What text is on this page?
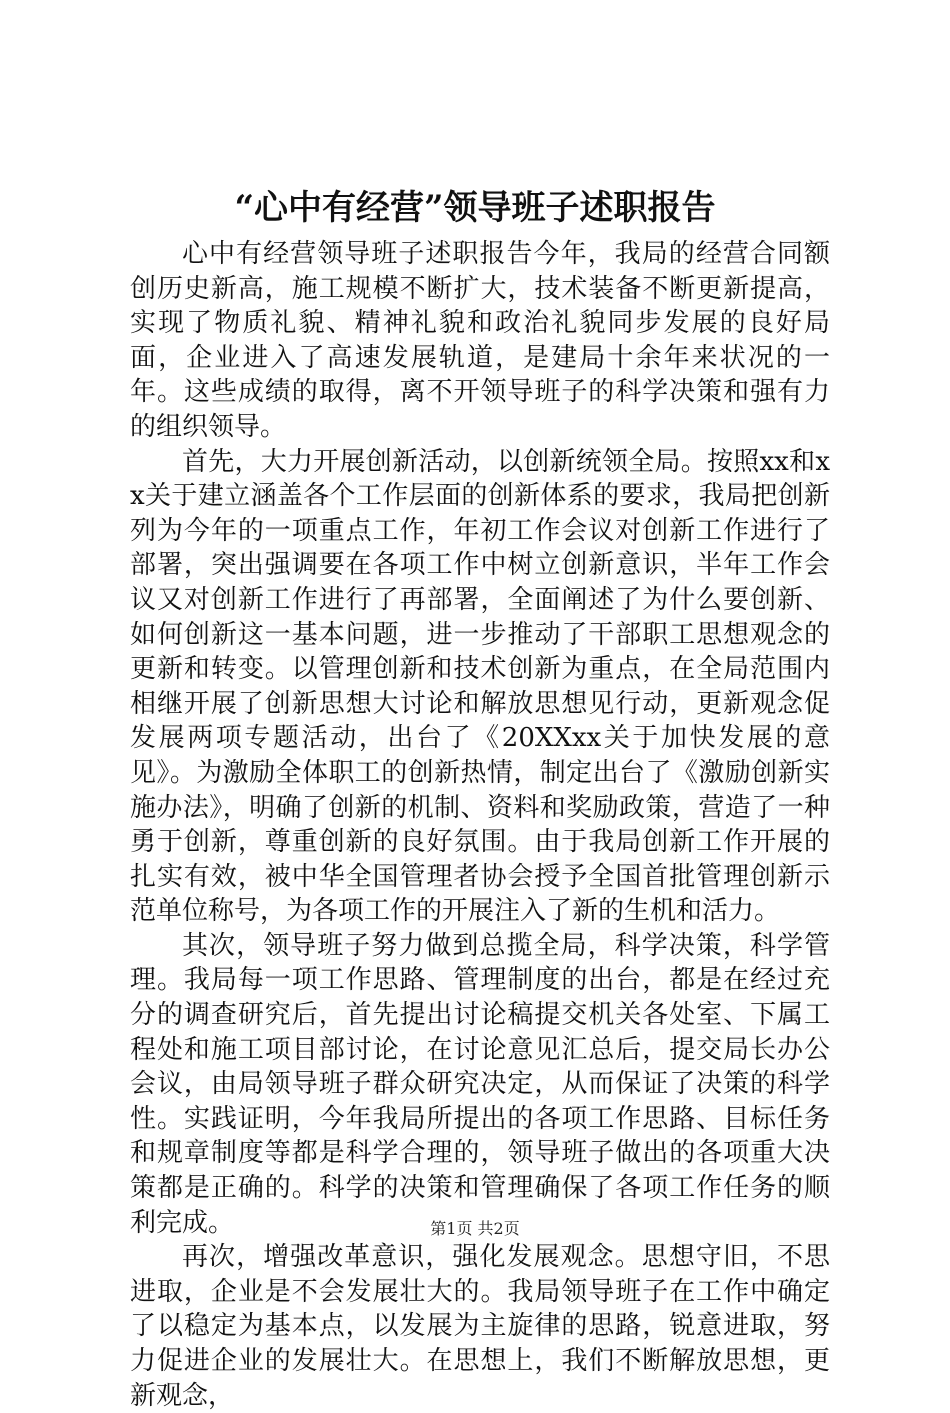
“心中有经营”领导班子述职报告

心中有经营领导班子述职报告今年，我局的经营合同额创历史新高，施工规模不断扩大，技术装备不断更新提高，实现了物质礼貌、精神礼貌和政治礼貌同步发展的良好局面，企业进入了高速发展轨道，是建局十余年来状况的一年。这些成绩的取得，离不开领导班子的科学决策和强有力的组织领导。

首先，大力开展创新活动，以创新统领全局。按照xx和xx关于建立涵盖各个工作层面的创新体系的要求，我局把创新列为今年的一项重点工作，年初工作会议对创新工作进行了部署，突出强调要在各项工作中树立创新意识，半年工作会议又对创新工作进行了再部署，全面阐述了为什么要创新、如何创新这一基本问题，进一步推动了干部职工思想观念的更新和转变。以管理创新和技术创新为重点，在全局范围内相继开展了创新思想大讨论和解放思想见行动，更新观念促发展两项专题活动，出台了《20XXxx关于加快发展的意见》。为激励全体职工的创新热情，制定出台了《激励创新实施办法》，明确了创新的机制、资料和奖励政策，营造了一种勇于创新，尊重创新的良好氛围。由于我局创新工作开展的扎实有效，被中华全国管理者协会授予全国首批管理创新示范单位称号，为各项工作的开展注入了新的生机和活力。

其次，领导班子努力做到总揽全局，科学决策，科学管理。我局每一项工作思路、管理制度的出台，都是在经过充分的调查研究后，首先提出讨论稿提交机关各处室、下属工程处和施工项目部讨论，在讨论意见汇总后，提交局长办公会议，由局领导班子群众研究决定，从而保证了决策的科学性。实践证明，今年我局所提出的各项工作思路、目标任务和规章制度等都是科学合理的，领导班子做出的各项重大决策都是正确的。科学的决策和管理确保了各项工作任务的顺利完成。

再次，增强改革意识，强化发展观念。思想守旧，不思进取，企业是不会发展壮大的。我局领导班子在工作中确定了以稳定为基本点，以发展为主旋律的思路，锐意进取，努力促进企业的发展壮大。在思想上，我们不断解放思想，更新观念，

第1页 共2页
